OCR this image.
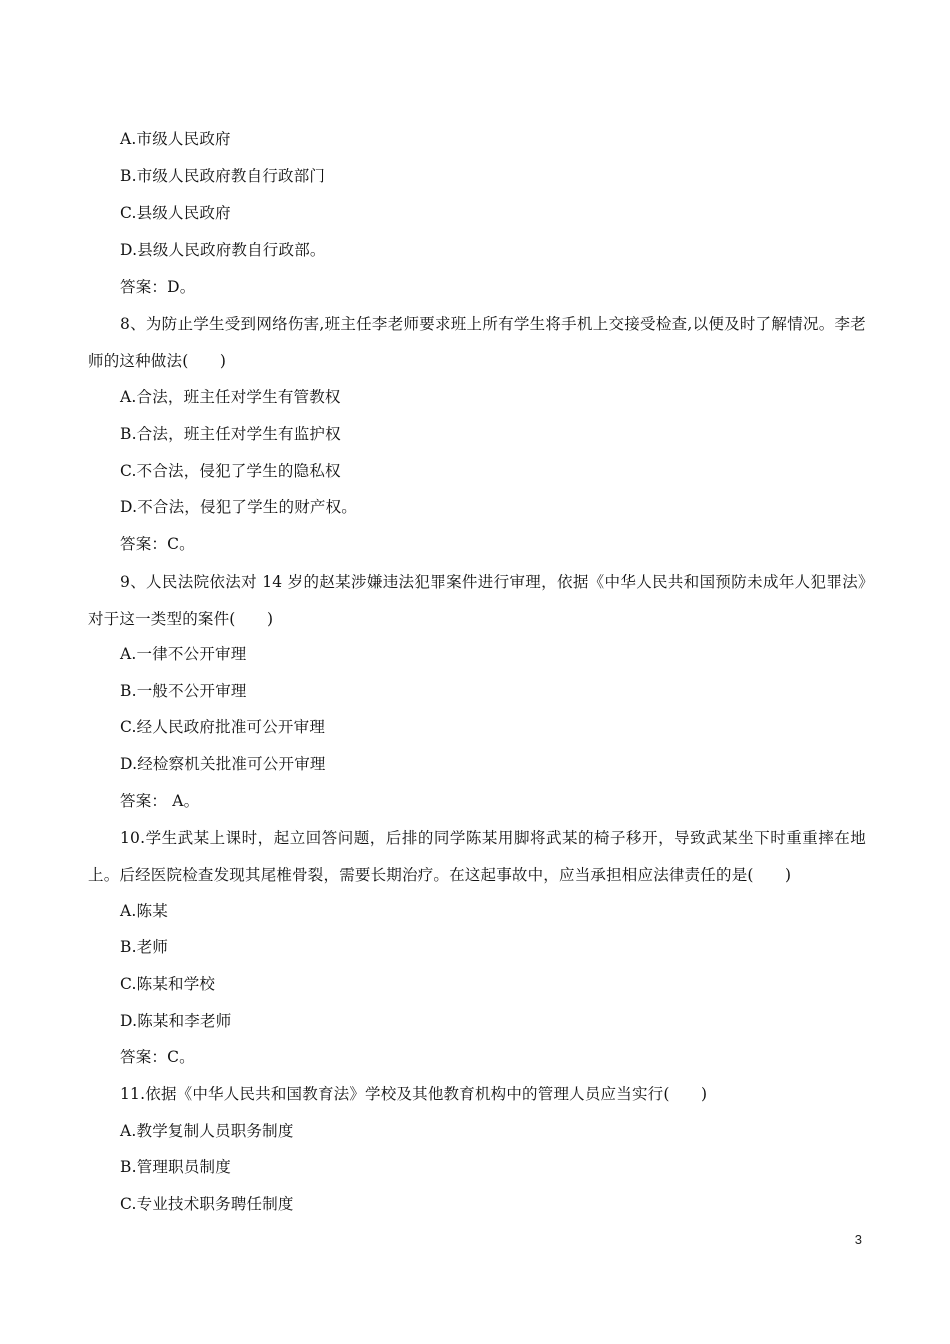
A.市级人民政府
B.市级人民政府教自行政部门
C.县级人民政府
D.县级人民政府教自行政部。
答案：D。
8、为防止学生受到网络伤害,班主任李老师要求班上所有学生将手机上交接受检查,以便及时了解情况。李老师的这种做法(　　)
A.合法，班主任对学生有管教权
B.合法，班主任对学生有监护权
C.不合法，侵犯了学生的隐私权
D.不合法，侵犯了学生的财产权。
答案：C。
9、人民法院依法对 14 岁的赵某涉嫌违法犯罪案件进行审理，依据《中华人民共和国预防未成年人犯罪法》对于这一类型的案件(　　)
A.一律不公开审理
B.一般不公开审理
C.经人民政府批准可公开审理
D.经检察机关批准可公开审理
答案： A。
10.学生武某上课时，起立回答问题，后排的同学陈某用脚将武某的椅子移开，导致武某坐下时重重摔在地上。后经医院检查发现其尾椎骨裂，需要长期治疗。在这起事故中，应当承担相应法律责任的是(　　)
A.陈某
B.老师
C.陈某和学校
D.陈某和李老师
答案：C。
11.依据《中华人民共和国教育法》学校及其他教育机构中的管理人员应当实行(　　)
A.教学复制人员职务制度
B.管理职员制度
C.专业技术职务聘任制度
3
